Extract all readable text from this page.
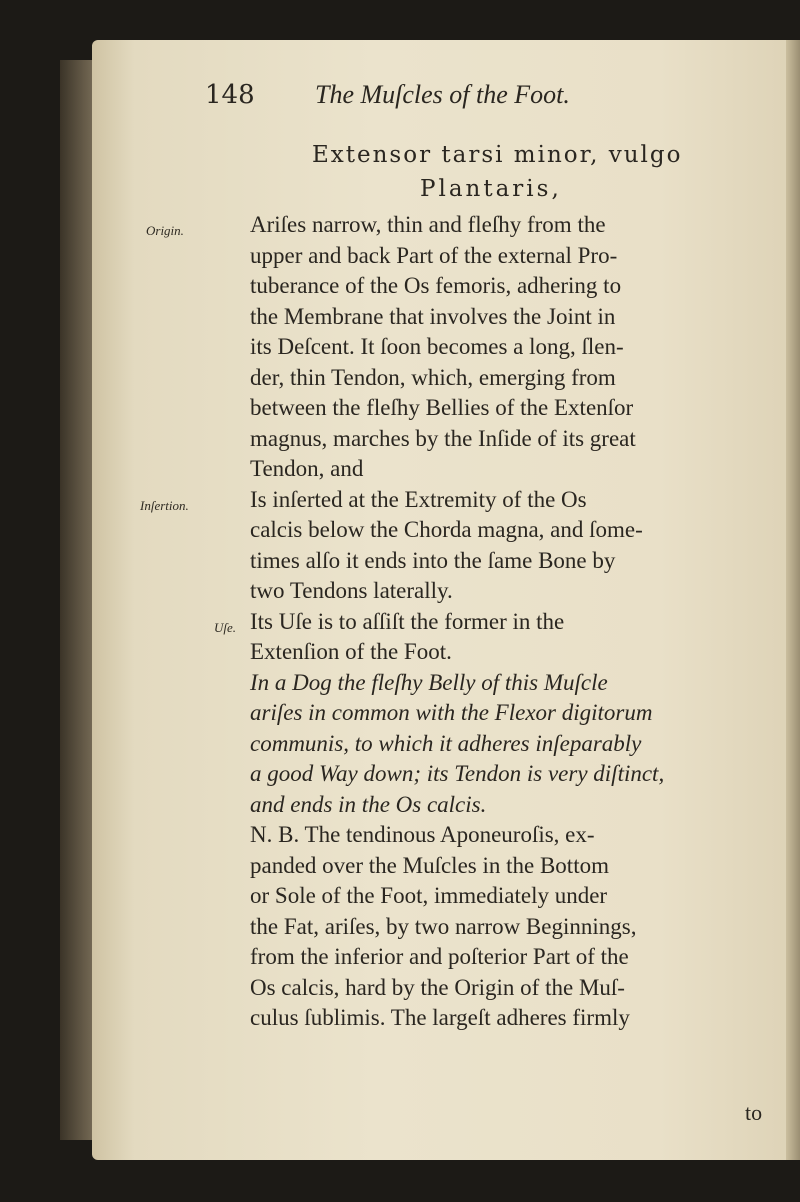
148 The Muſcles of the Foot.
Extensor tarsi minor, vulgo
Plantaris,
Origin.
Inſertion.
Uſe.
Ariſes narrow, thin and fleſhy from the
upper and back Part of the external Pro-
tuberance of the Os femoris, adhering to
the Membrane that involves the Joint in
its Deſcent. It ſoon becomes a long, ſlen-
der, thin Tendon, which, emerging from
between the fleſhy Bellies of the Extenſor
magnus, marches by the Inſide of its great
Tendon, and
Is inſerted at the Extremity of the Os
calcis below the Chorda magna, and ſome-
times alſo it ends into the ſame Bone by
two Tendons laterally.
Its Uſe is to aſſiſt the former in the
Extenſion of the Foot.
In a Dog the fleſhy Belly of this Muſcle
ariſes in common with the Flexor digitorum
communis, to which it adheres inſeparably
a good Way down; its Tendon is very diſtinct,
and ends in the Os calcis.
N. B. The tendinous Aponeuroſis, ex-
panded over the Muſcles in the Bottom
or Sole of the Foot, immediately under
the Fat, ariſes, by two narrow Beginnings,
from the inferior and poſterior Part of the
Os calcis, hard by the Origin of the Muſ-
culus ſublimis. The largeſt adheres firmly
to
